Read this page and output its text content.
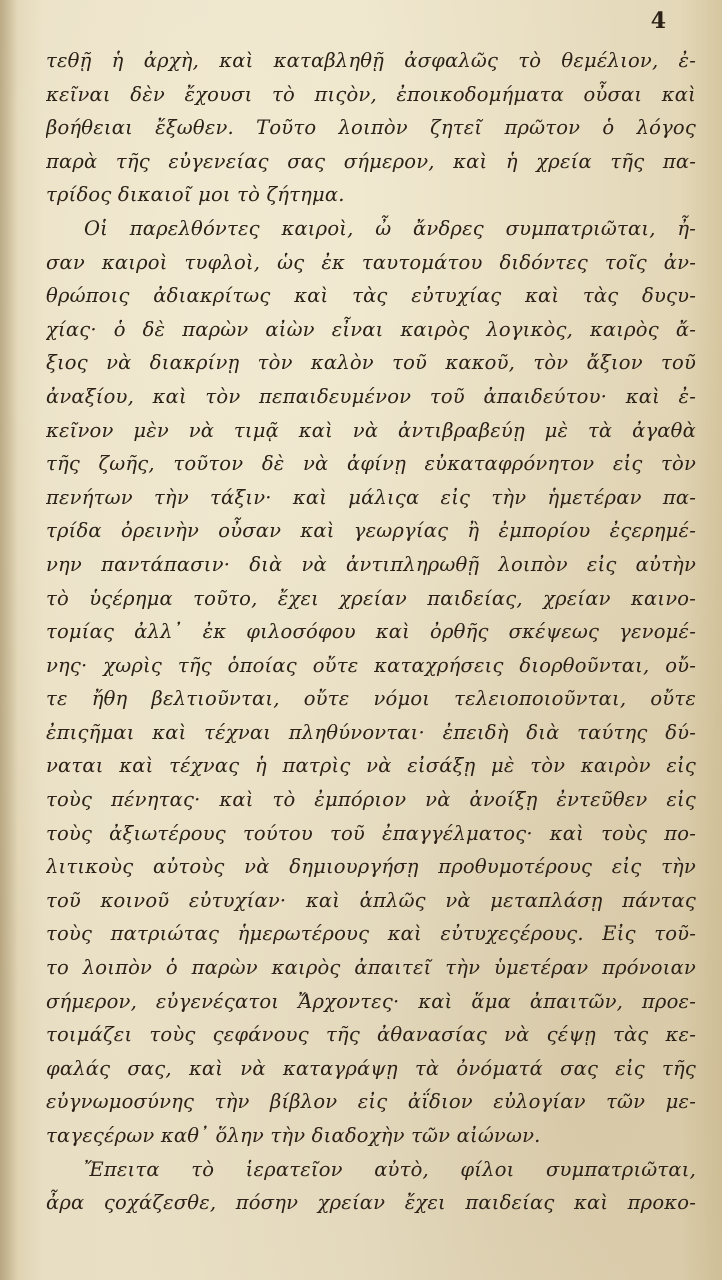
4
τεθῇ ἡ ἀρχὴ, καὶ καταβληθῇ ἀσφαλῶς τὸ θεμέλιον, ἐ-
κεῖναι δὲν ἔχουσι τὸ πιςὸν, ἐποικοδομήματα οὖσαι καὶ
βοήθειαι ἔξωθεν. Τοῦτο λοιπὸν ζητεῖ πρῶτον ὁ λόγος
παρὰ τῆς εὐγενείας σας σήμερον, καὶ ἡ χρεία τῆς πα-
τρίδος δικαιοῖ μοι τὸ ζήτημα.
Οἱ παρελθόντες καιροὶ, ὦ ἄνδρες συμπατριῶται, ἦ-
σαν καιροὶ τυφλοὶ, ὡς ἐκ ταυτομάτου διδόντες τοῖς ἀν-
θρώποις ἀδιακρίτως καὶ τὰς εὐτυχίας καὶ τὰς δυςυ-
χίας· ὁ δὲ παρὼν αἰὼν εἶναι καιρὸς λογικὸς, καιρὸς ἄ-
ξιος νὰ διακρίνῃ τὸν καλὸν τοῦ κακοῦ, τὸν ἄξιον τοῦ
ἀναξίου, καὶ τὸν πεπαιδευμένον τοῦ ἀπαιδεύτου· καὶ ἐ-
κεῖνον μὲν νὰ τιμᾷ καὶ νὰ ἀντιβραβεύῃ μὲ τὰ ἀγαθὰ
τῆς ζωῆς, τοῦτον δὲ νὰ ἀφίνῃ εὐκαταφρόνητον εἰς τὸν
πενήτων τὴν τάξιν· καὶ μάλιςα εἰς τὴν ἡμετέραν πα-
τρίδα ὀρεινὴν οὖσαν καὶ γεωργίας ἢ ἐμπορίου ἐςερημέ-
νην παντάπασιν· διὰ νὰ ἀντιπληρωθῇ λοιπὸν εἰς αὐτὴν
τὸ ὑςέρημα τοῦτο, ἔχει χρείαν παιδείας, χρείαν καινο-
τομίας ἀλλ᾽ ἐκ φιλοσόφου καὶ ὀρθῆς σκέψεως γενομέ-
νης· χωρὶς τῆς ὁποίας οὔτε καταχρήσεις διορθοῦνται, οὔ-
τε ἤθη βελτιοῦνται, οὔτε νόμοι τελειοποιοῦνται, οὔτε
ἐπιςῆμαι καὶ τέχναι πληθύνονται· ἐπειδὴ διὰ ταύτης δύ-
ναται καὶ τέχνας ἡ πατρὶς νὰ εἰσάξῃ μὲ τὸν καιρὸν εἰς
τοὺς πένητας· καὶ τὸ ἐμπόριον νὰ ἀνοίξῃ ἐντεῦθεν εἰς
τοὺς ἀξιωτέρους τούτου τοῦ ἐπαγγέλματος· καὶ τοὺς πο-
λιτικοὺς αὐτοὺς νὰ δημιουργήσῃ προθυμοτέρους εἰς τὴν
τοῦ κοινοῦ εὐτυχίαν· καὶ ἁπλῶς νὰ μεταπλάσῃ πάντας
τοὺς πατριώτας ἡμερωτέρους καὶ εὐτυχεςέρους. Εἰς τοῦ-
το λοιπὸν ὁ παρὼν καιρὸς ἀπαιτεῖ τὴν ὑμετέραν πρόνοιαν
σήμερον, εὐγενέςατοι Ἄρχοντες· καὶ ἅμα ἀπαιτῶν, προε-
τοιμάζει τοὺς ςεφάνους τῆς ἀθανασίας νὰ ςέψῃ τὰς κε-
φαλάς σας, καὶ νὰ καταγράψῃ τὰ ὀνόματά σας εἰς τῆς
εὐγνωμοσύνης τὴν βίβλον εἰς ἀΐδιον εὐλογίαν τῶν με-
ταγεςέρων καθ᾽ ὅλην τὴν διαδοχὴν τῶν αἰώνων.
Ἔπειτα τὸ ἱερατεῖον αὐτὸ, φίλοι συμπατριῶται,
ἆρα ςοχάζεσθε, πόσην χρείαν ἔχει παιδείας καὶ προκο-
